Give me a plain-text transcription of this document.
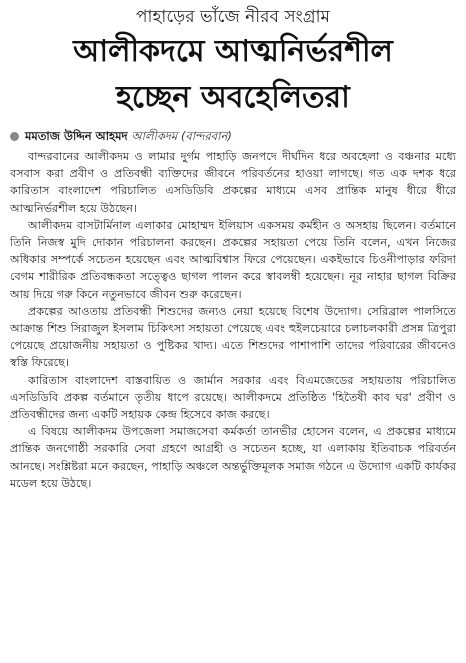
পাহাড়ের ভাঁজে নীরব সংগ্রাম
আলীকদমে আত্মনির্ভরশীল
হচ্ছেন অবহেলিতরা
মমতাজ উদ্দিন আহমদ আলীকদম (বান্দরবান)

বান্দরবানের আলীকদম ও লামার দুর্গম পাহাড়ি জনপদে দীর্ঘদিন ধরে অবহেলা ও বঞ্চনার মধ্যে বসবাস করা প্রবীণ ও প্রতিবন্ধী ব্যক্তিদের জীবনে পরিবর্তনের হাওয়া লাগছে। গত এক দশক ধরে কারিতাস বাংলাদেশ পরিচালিত এসডিডিবি প্রকল্পের মাধ্যমে এসব প্রান্তিক মানুষ ধীরে ধীরে আত্মনির্ভরশীল হয়ে উঠছেন।

আলীকদম বাসটার্মিনাল এলাকার মোহাম্মদ ইলিয়াস একসময় কর্মহীন ও অসহায় ছিলেন। বর্তমানে তিনি নিজস্ব মুদি দোকান পরিচালনা করছেন। প্রকল্পের সহায়তা পেয়ে তিনি বলেন, এখন নিজের অধিকার সম্পর্কে সচেতন হয়েছেন এবং আত্মবিশ্বাস ফিরে পেয়েছেন। একইভাবে চিওনীপাড়ার ফরিদা বেগম শারীরিক প্রতিবন্ধকতা সত্ত্বেও ছাগল পালন করে স্বাবলম্বী হয়েছেন। নূর নাহার ছাগল বিক্রির আয় দিয়ে গরু কিনে নতুনভাবে জীবন শুরু করেছেন।

প্রকল্পের আওতায় প্রতিবন্ধী শিশুদের জন্যও নেয়া হয়েছে বিশেষ উদ্যোগ। সেরিব্রাল পালসিতে আক্রান্ত শিশু সিরাজুল ইসলাম চিকিৎসা সহায়তা পেয়েছে এবং হুইলচেয়ারে চলাচলকারী প্রসন্ন ত্রিপুরা পেয়েছে প্রয়োজনীয় সহায়তা ও পুষ্টিকর খাদ্য। এতে শিশুদের পাশাপাশি তাদের পরিবারের জীবনেও স্বস্তি ফিরেছে।

কারিতাস বাংলাদেশ বাস্তবায়িত ও জার্মান সরকার এবং বিএমজেডের সহায়তায় পরিচালিত এসডিডিবি প্রকল্প বর্তমানে তৃতীয় ধাপে রয়েছে। আলীকদমে প্রতিষ্ঠিত 'হিতৈষী কাব ঘর' প্রবীণ ও প্রতিবন্ধীদের জন্য একটি সহায়ক কেন্দ্র হিসেবে কাজ করছে।

এ বিষয়ে আলীকদম উপজেলা সমাজসেবা কর্মকর্তা তানভীর হোসেন বলেন, এ প্রকল্পের মাধ্যমে প্রান্তিক জনগোষ্ঠী সরকারি সেবা গ্রহণে আগ্রহী ও সচেতন হচ্ছে, যা এলাকায় ইতিবাচক পরিবর্তন আনছে। সংশ্লিষ্টরা মনে করছেন, পাহাড়ি অঞ্চলে অন্তর্ভুক্তিমূলক সমাজ গঠনে এ উদ্যোগ একটি কার্যকর মডেল হয়ে উঠছে।
